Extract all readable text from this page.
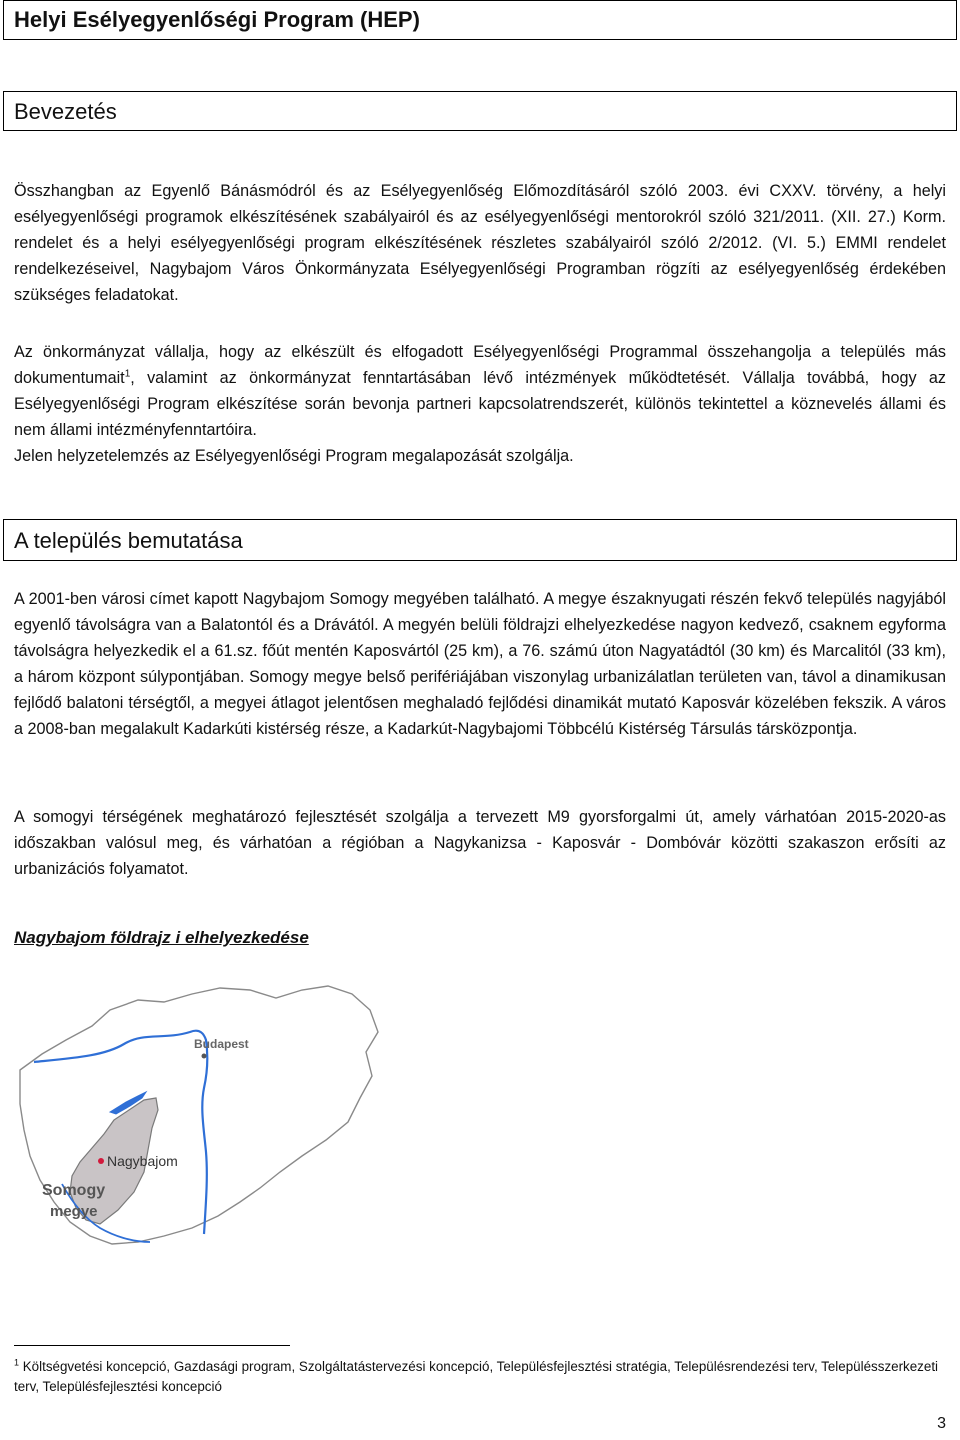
Helyi Esélyegyenlőségi Program (HEP)
Bevezetés

Összhangban az Egyenlő Bánásmódról és az Esélyegyenlőség Előmozdításáról szóló 2003. évi CXXV. törvény, a helyi esélyegyenlőségi programok elkészítésének szabályairól és az esélyegyenlőségi mentorokról szóló 321/2011. (XII. 27.) Korm. rendelet és a helyi esélyegyenlőségi program elkészítésének részletes szabályairól szóló 2/2012. (VI. 5.) EMMI rendelet rendelkezéseivel, Nagybajom Város Önkormányzata Esélyegyenlőségi Programban rögzíti az esélyegyenlőség érdekében szükséges feladatokat.

Az önkormányzat vállalja, hogy az elkészült és elfogadott Esélyegyenlőségi Programmal összehangolja a település más dokumentumait$^1$, valamint az önkormányzat fenntartásában lévő intézmények működtetését. Vállalja továbbá, hogy az Esélyegyenlőségi Program elkészítése során bevonja partneri kapcsolatrendszerét, különös tekintettel a köznevelés állami és nem állami intézményfenntartóira.

Jelen helyzetelemzés az Esélyegyenlőségi Program megalapozását szolgálja.

A település bemutatása

A 2001-ben városi címet kapott Nagybajom Somogy megyében található. A megye északnyugati részén fekvő település nagyjából egyenlő távolságra van a Balatontól és a Drávától. A megyén belüli földrajzi elhelyezkedése nagyon kedvező, csaknem egyforma távolságra helyezkedik el a 61.sz. főút mentén Kaposvártól (25 km), a 76. számú úton Nagyatádtól (30 km) és Marcalitól (33 km), a három központ súlypontjában. Somogy megye belső perifériájában viszonylag urbanizálatlan területen van, távol a dinamikusan fejlődő balatoni térségtől, a megyei átlagot jelentősen meghaladó fejlődési dinamikát mutató Kaposvár közelében fekszik. A város a 2008-ban megalakult Kadarkúti kistérség része, a Kadarkút-Nagybajomi Többcélú Kistérség Társulás társközpontja.

A somogyi térségének meghatározó fejlesztését szolgálja a tervezett M9 gyorsforgalmi út, amely várhatóan 2015-2020-as időszakban valósul meg, és várhatóan a régióban a Nagykanizsa - Kaposvár - Dombóvár közötti szakaszon erősíti az urbanizációs folyamatot.

Nagybajom földrajz i elhelyezkedése

Budapest
Nagybajom
Somogy
megye

$^1$ Költségvetési koncepció, Gazdasági program, Szolgáltatástervezési koncepció, Településfejlesztési stratégia, Településrendezési terv, Településszerkezeti terv, Településfejlesztési koncepció

3
